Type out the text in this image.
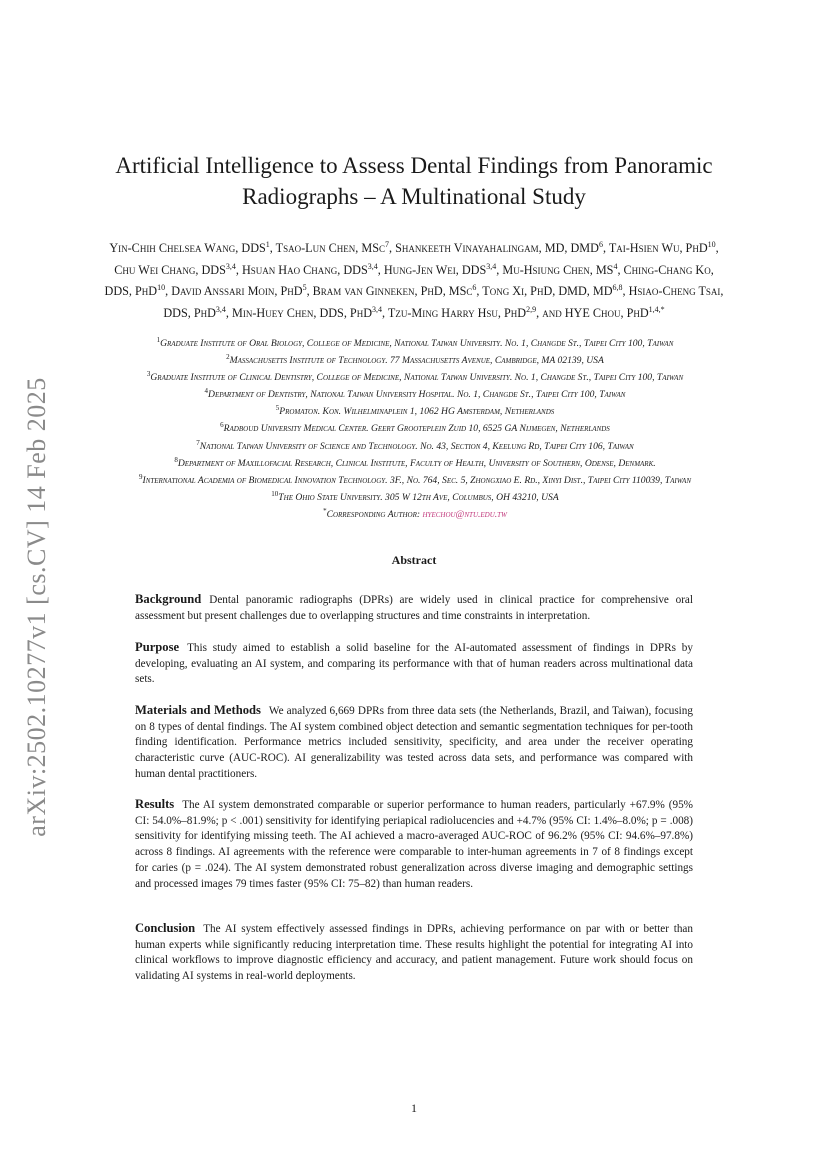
arXiv:2502.10277v1 [cs.CV] 14 Feb 2025
Artificial Intelligence to Assess Dental Findings from Panoramic
Radiographs – A Multinational Study
Yin-Chih Chelsea Wang, DDS$^1$, Tsao-Lun Chen, MSc$^7$, Shankeeth Vinayahalingam, MD, DMD$^6$, Tai-Hsien Wu, PhD$^{10}$, Chu Wei Chang, DDS$^{3,4}$, Hsuan Hao Chang, DDS$^{3,4}$, Hung-Jen Wei, DDS$^{3,4}$, Mu-Hsiung Chen, $MS^4$, Ching-Chang Ko, DDS, PhD$^{10}$, David Anssari Moin, PhD$^5$, Bram van Ginneken, PhD, MSc$^6$, Tong Xi, PhD, DMD, MD$^{6,8}$, Hsiao-Cheng Tsai, DDS, PhD$^{3,4}$, Min-Huey Chen, DDS, PhD$^{3,4}$, Tzu-Ming Harry Hsu, PhD$^{2,9}$, and HYE Chou, PhD$^{1,4,*}$
$^1$Graduate Institute of Oral Biology, College of Medicine, National Taiwan University. No. 1, Changde St., Taipei City 100, Taiwan
$^2$Massachusetts Institute of Technology. 77 Massachusetts Avenue, Cambridge, MA 02139, USA
$^3$Graduate Institute of Clinical Dentistry, College of Medicine, National Taiwan University. No. 1, Changde St., Taipei City 100, Taiwan
$^4$Department of Dentistry, National Taiwan University Hospital. No. 1, Changde St., Taipei City 100, Taiwan
$^5$Promaton. Kon. Wilhelminaplein 1, 1062 HG Amsterdam, Netherlands
$^6$Radboud University Medical Center. Geert Grooteplein Zuid 10, 6525 GA Nijmegen, Netherlands
$^7$National Taiwan University of Science and Technology. No. 43, Section 4, Keelung Rd, Taipei City 106, Taiwan
$^8$Department of Maxillofacial Research, Clinical Institute, Faculty of Health, University of Southern, Odense, Denmark.
$^9$International Academia of Biomedical Innovation Technology. 3F., No. 764, Sec. 5, Zhongxiao E. Rd., Xinyi Dist., Taipei City 110039, Taiwan
$^{10}$The Ohio State University. 305 W 12th Ave, Columbus, OH 43210, USA
*Corresponding Author: hyechou@ntu.edu.tw
Abstract
Background Dental panoramic radiographs (DPRs) are widely used in clinical practice for comprehensive oral assessment but present challenges due to overlapping structures and time constraints in interpretation.
Purpose This study aimed to establish a solid baseline for the AI-automated assessment of findings in DPRs by developing, evaluating an AI system, and comparing its performance with that of human readers across multinational data sets.
Materials and Methods We analyzed 6,669 DPRs from three data sets (the Netherlands, Brazil, and Taiwan), focusing on 8 types of dental findings. The AI system combined object detection and semantic segmentation techniques for per-tooth finding identification. Performance metrics included sensitivity, specificity, and area under the receiver operating characteristic curve (AUC-ROC). AI generalizability was tested across data sets, and performance was compared with human dental practitioners.
Results The AI system demonstrated comparable or superior performance to human readers, particularly +67.9% (95% CI: 54.0%–81.9%; p < .001) sensitivity for identifying periapical radiolucencies and +4.7% (95% CI: 1.4%–8.0%; p = .008) sensitivity for identifying missing teeth. The AI achieved a macro-averaged AUC-ROC of 96.2% (95% CI: 94.6%–97.8%) across 8 findings. AI agreements with the reference were comparable to inter-human agreements in 7 of 8 findings except for caries (p = .024). The AI system demonstrated robust generalization across diverse imaging and demographic settings and processed images 79 times faster (95% CI: 75–82) than human readers.
Conclusion The AI system effectively assessed findings in DPRs, achieving performance on par with or better than human experts while significantly reducing interpretation time. These results highlight the potential for integrating AI into clinical workflows to improve diagnostic efficiency and accuracy, and patient management. Future work should focus on validating AI systems in real-world deployments.
1
